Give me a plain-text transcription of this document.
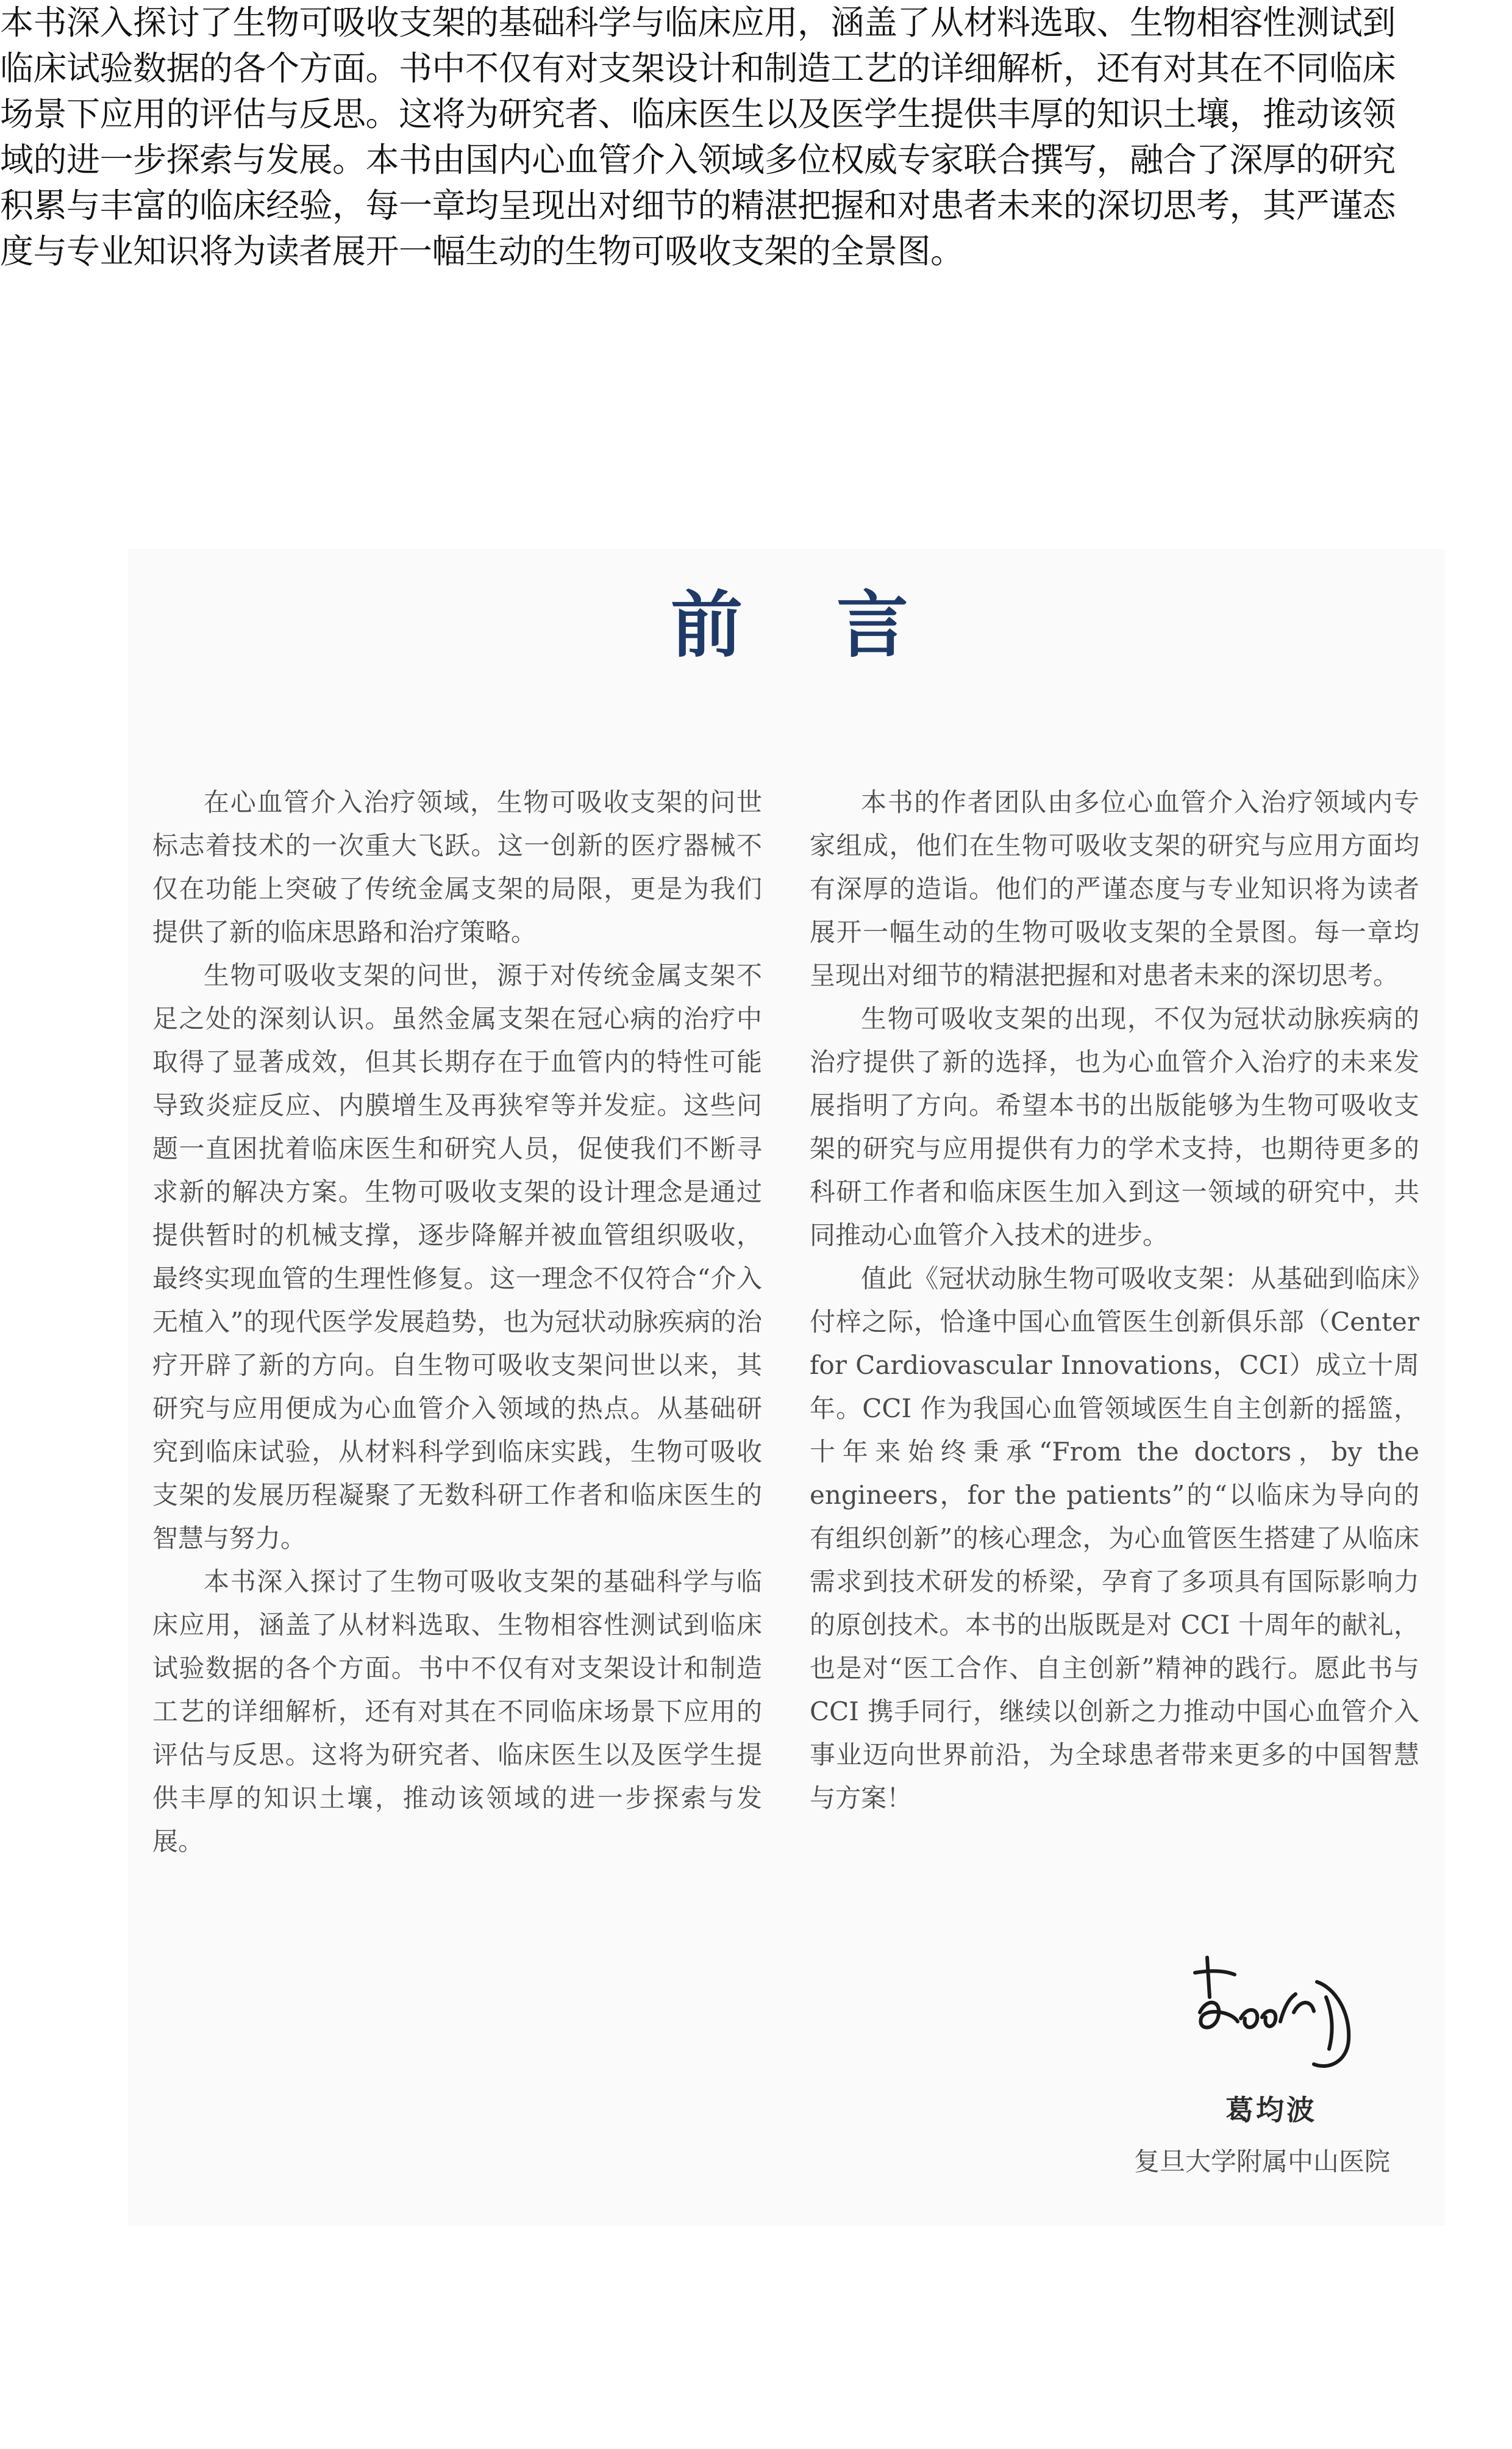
本书深入探讨了生物可吸收支架的基础科学与临床应用，涵盖了从材料选取、生物相容性测试到临床试验数据的各个方面。书中不仅有对支架设计和制造工艺的详细解析，还有对其在不同临床场景下应用的评估与反思。这将为研究者、临床医生以及医学生提供丰厚的知识土壤，推动该领域的进一步探索与发展。本书由国内心血管介入领域多位权威专家联合撰写，融合了深厚的研究积累与丰富的临床经验，每一章均呈现出对细节的精湛把握和对患者未来的深切思考，其严谨态度与专业知识将为读者展开一幅生动的生物可吸收支架的全景图。
前 言

在心血管介入治疗领域，生物可吸收支架的问世标志着技术的一次重大飞跃。这一创新的医疗器械不仅在功能上突破了传统金属支架的局限，更是为我们提供了新的临床思路和治疗策略。

生物可吸收支架的问世，源于对传统金属支架不足之处的深刻认识。虽然金属支架在冠心病的治疗中取得了显著成效，但其长期存在于血管内的特性可能导致炎症反应、内膜增生及再狭窄等并发症。这些问题一直困扰着临床医生和研究人员，促使我们不断寻求新的解决方案。生物可吸收支架的设计理念是通过提供暂时的机械支撑，逐步降解并被血管组织吸收，最终实现血管的生理性修复。这一理念不仅符合“介入无植入”的现代医学发展趋势，也为冠状动脉疾病的治疗开辟了新的方向。自生物可吸收支架问世以来，其研究与应用便成为心血管介入领域的热点。从基础研究到临床试验，从材料科学到临床实践，生物可吸收支架的发展历程凝聚了无数科研工作者和临床医生的智慧与努力。

本书深入探讨了生物可吸收支架的基础科学与临床应用，涵盖了从材料选取、生物相容性测试到临床试验数据的各个方面。书中不仅有对支架设计和制造工艺的详细解析，还有对其在不同临床场景下应用的评估与反思。这将为研究者、临床医生以及医学生提供丰厚的知识土壤，推动该领域的进一步探索与发展。

本书的作者团队由多位心血管介入治疗领域内专家组成，他们在生物可吸收支架的研究与应用方面均有深厚的造诣。他们的严谨态度与专业知识将为读者展开一幅生动的生物可吸收支架的全景图。每一章均呈现出对细节的精湛把握和对患者未来的深切思考。

生物可吸收支架的出现，不仅为冠状动脉疾病的治疗提供了新的选择，也为心血管介入治疗的未来发展指明了方向。希望本书的出版能够为生物可吸收支架的研究与应用提供有力的学术支持，也期待更多的科研工作者和临床医生加入到这一领域的研究中，共同推动心血管介入技术的进步。

值此《冠状动脉生物可吸收支架：从基础到临床》付梓之际，恰逢中国心血管医生创新俱乐部（Center for Cardiovascular Innovations，CCI）成立十周年。CCI 作为我国心血管领域医生自主创新的摇篮，十年来始终秉承“From the doctors，by the engineers，for the patients”的“以临床为导向的有组织创新”的核心理念，为心血管医生搭建了从临床需求到技术研发的桥梁，孕育了多项具有国际影响力的原创技术。本书的出版既是对 CCI 十周年的献礼，也是对“医工合作、自主创新”精神的践行。愿此书与 CCI 携手同行，继续以创新之力推动中国心血管介入事业迈向世界前沿，为全球患者带来更多的中国智慧与方案！

葛均波
复旦大学附属中山医院
